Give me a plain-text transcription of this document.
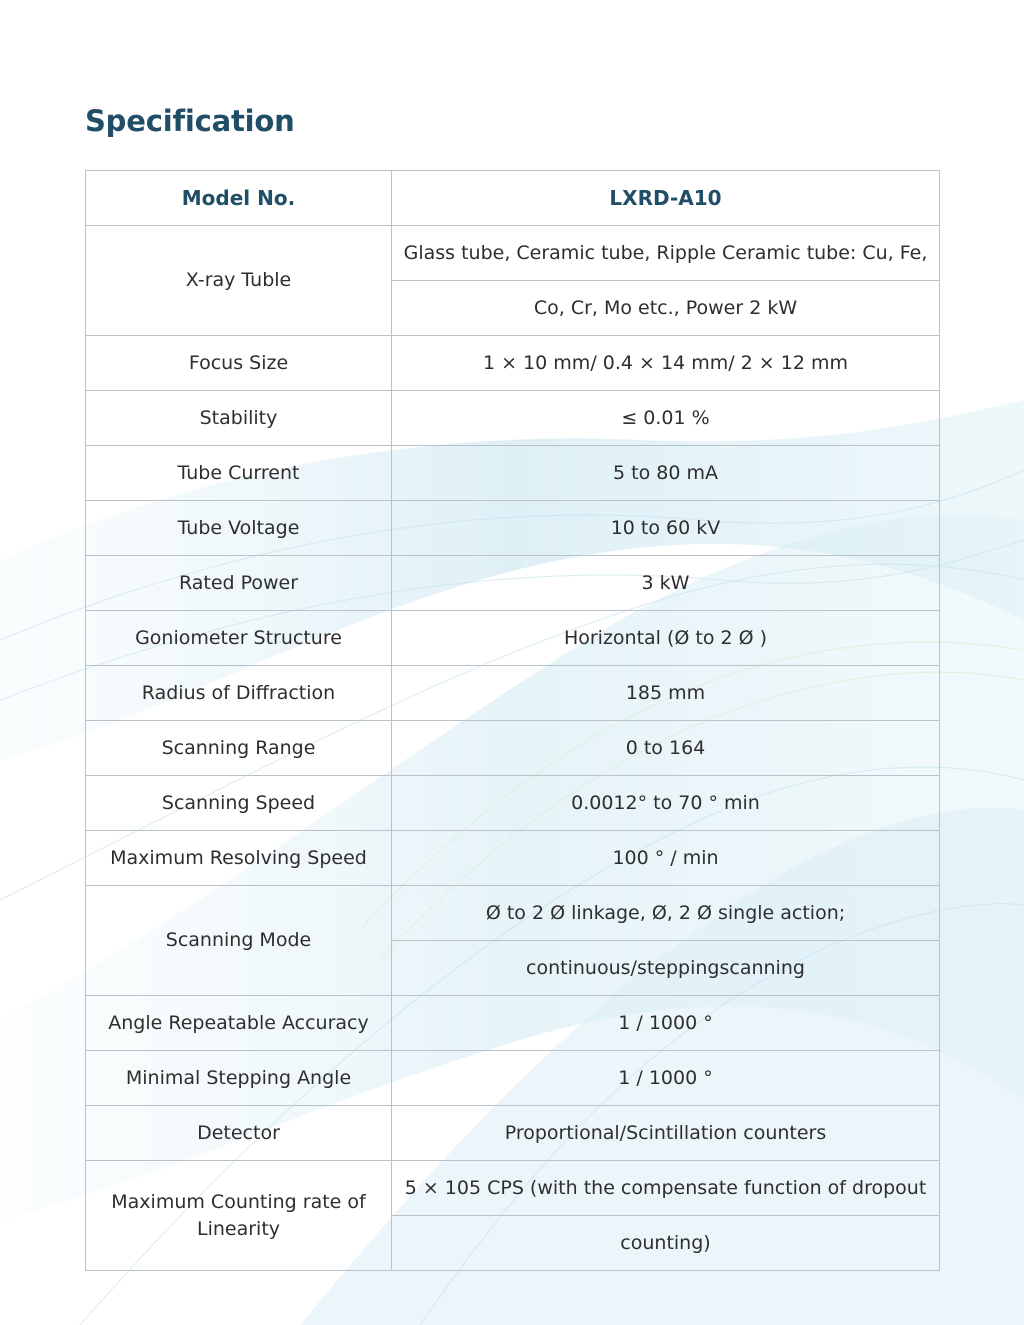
Specification
Model No.	LXRD-A10
X-ray Tuble	Glass tube, Ceramic tube, Ripple Ceramic tube: Cu, Fe,
	Co, Cr, Mo etc., Power 2 kW
Focus Size	1 × 10 mm/ 0.4 × 14 mm/ 2 × 12 mm
Stability	≤ 0.01 %
Tube Current	5 to 80 mA
Tube Voltage	10 to 60 kV
Rated Power	3 kW
Goniometer Structure	Horizontal (Ø to 2 Ø )
Radius of Diffraction	185 mm
Scanning Range	0 to 164
Scanning Speed	0.0012° to 70 ° min
Maximum Resolving Speed	100 ° / min
Scanning Mode	Ø to 2 Ø linkage, Ø, 2 Ø single action;
	continuous/steppingscanning
Angle Repeatable Accuracy	1 / 1000 °
Minimal Stepping Angle	1 / 1000 °
Detector	Proportional/Scintillation counters
Maximum Counting rate of Linearity	5 × 105 CPS (with the compensate function of dropout
	counting)
